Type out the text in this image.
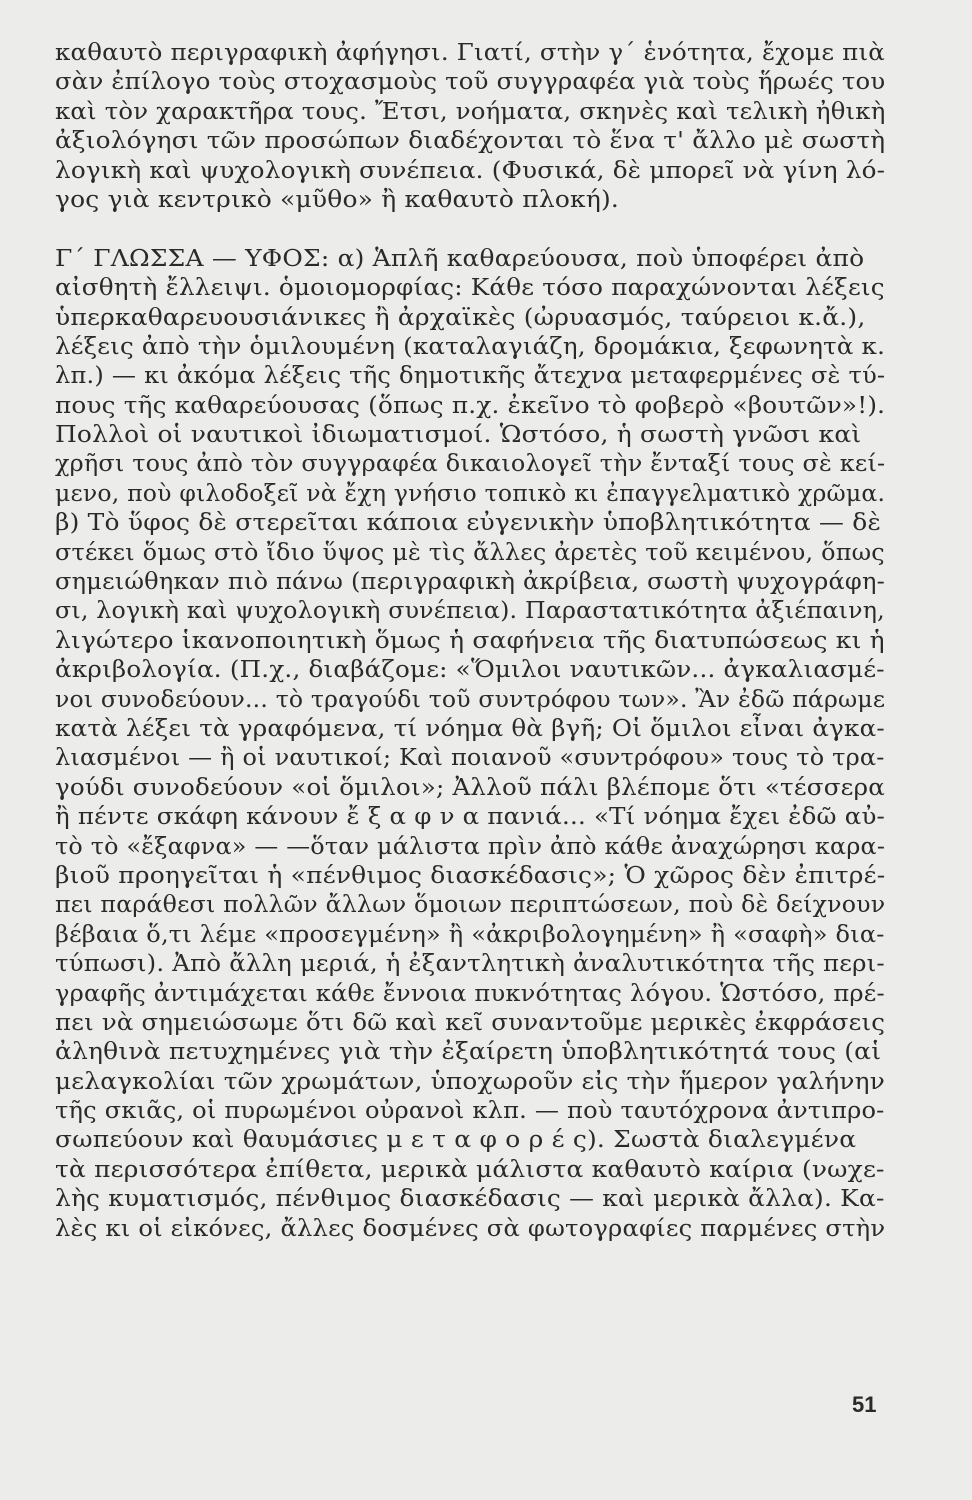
καθαυτὸ περιγραφικὴ ἀφήγησι. Γιατί, στὴν γ΄ ἑνότητα, ἔχομε πιὰ
σὰν ἐπίλογο τοὺς στοχασμοὺς τοῦ συγγραφέα γιὰ τοὺς ἥρωές του
καὶ τὸν χαρακτῆρα τους. Ἔτσι, νοήματα, σκηνὲς καὶ τελικὴ ἠθικὴ
ἀξιολόγησι τῶν προσώπων διαδέχονται τὸ ἕνα τ' ἄλλο μὲ σωστὴ
λογικὴ καὶ ψυχολογικὴ συνέπεια. (Φυσικά, δὲ μπορεῖ νὰ γίνη λό-
γος γιὰ κεντρικὸ «μῦθο» ἢ καθαυτὸ πλοκή).
Γ΄ ΓΛΩΣΣΑ — ΥΦΟΣ: α) Ἁπλῆ καθαρεύουσα, ποὺ ὑποφέρει ἀπὸ
αἰσθητὴ ἔλλειψι. ὁμοιομορφίας: Κάθε τόσο παραχώνονται λέξεις
ὑπερκαθαρευουσιάνικες ἢ ἀρχαϊκὲς (ὠρυασμός, ταύρειοι κ.ἄ.),
λέξεις ἀπὸ τὴν ὁμιλουμένη (καταλαγιάζη, δρομάκια, ξεφωνητὰ κ.
λπ.) — κι ἀκόμα λέξεις τῆς δημοτικῆς ἄτεχνα μεταφερμένες σὲ τύ-
πους τῆς καθαρεύουσας (ὅπως π.χ. ἐκεῖνο τὸ φοβερὸ «βουτῶν»!).
Πολλοὶ οἱ ναυτικοὶ ἰδιωματισμοί. Ὡστόσο, ἡ σωστὴ γνῶσι καὶ
χρῆσι τους ἀπὸ τὸν συγγραφέα δικαιολογεῖ τὴν ἔνταξί τους σὲ κεί-
μενο, ποὺ φιλοδοξεῖ νὰ ἔχη γνήσιο τοπικὸ κι ἐπαγγελματικὸ χρῶμα.
β) Τὸ ὕφος δὲ στερεῖται κάποια εὐγενικὴν ὑποβλητικότητα — δὲ
στέκει ὅμως στὸ ἴδιο ὕψος μὲ τὶς ἄλλες ἀρετὲς τοῦ κειμένου, ὅπως
σημειώθηκαν πιὸ πάνω (περιγραφικὴ ἀκρίβεια, σωστὴ ψυχογράφη-
σι, λογικὴ καὶ ψυχολογικὴ συνέπεια). Παραστατικότητα ἀξιέπαινη,
λιγώτερο ἱκανοποιητικὴ ὅμως ἡ σαφήνεια τῆς διατυπώσεως κι ἡ
ἀκριβολογία. (Π.χ., διαβάζομε: «Ὅμιλοι ναυτικῶν... ἀγκαλιασμέ-
νοι συνοδεύουν... τὸ τραγούδι τοῦ συντρόφου των». Ἂν ἐδῶ πάρωμε
κατὰ λέξει τὰ γραφόμενα, τί νόημα θὰ βγῆ; Οἱ ὅμιλοι εἶναι ἀγκα-
λιασμένοι — ἢ οἱ ναυτικοί; Καὶ ποιανοῦ «συντρόφου» τους τὸ τρα-
γούδι συνοδεύουν «οἱ ὅμιλοι»; Ἀλλοῦ πάλι βλέπομε ὅτι «τέσσερα
ἢ πέντε σκάφη κάνουν ἔ ξ α φ ν α πανιά... «Τί νόημα ἔχει ἐδῶ αὐ-
τὸ τὸ «ἔξαφνα» — —ὅταν μάλιστα πρὶν ἀπὸ κάθε ἀναχώρησι καρα-
βιοῦ προηγεῖται ἡ «πένθιμος διασκέδασις»; Ὁ χῶρος δὲν ἐπιτρέ-
πει παράθεσι πολλῶν ἄλλων ὅμοιων περιπτώσεων, ποὺ δὲ δείχνουν
βέβαια ὅ,τι λέμε «προσεγμένη» ἢ «ἀκριβολογημένη» ἢ «σαφὴ» δια-
τύπωσι). Ἀπὸ ἄλλη μεριά, ἡ ἐξαντλητικὴ ἀναλυτικότητα τῆς περι-
γραφῆς ἀντιμάχεται κάθε ἔννοια πυκνότητας λόγου. Ὡστόσο, πρέ-
πει νὰ σημειώσωμε ὅτι δῶ καὶ κεῖ συναντοῦμε μερικὲς ἐκφράσεις
ἀληθινὰ πετυχημένες γιὰ τὴν ἐξαίρετη ὑποβλητικότητά τους (αἱ
μελαγκολίαι τῶν χρωμάτων, ὑποχωροῦν εἰς τὴν ἥμερον γαλήνην
τῆς σκιᾶς, οἱ πυρωμένοι οὐρανοὶ κλπ. — ποὺ ταυτόχρονα ἀντιπρο-
σωπεύουν καὶ θαυμάσιες μ ε τ α φ ο ρ έ ς). Σωστὰ διαλεγμένα
τὰ περισσότερα ἐπίθετα, μερικὰ μάλιστα καθαυτὸ καίρια (νωχε-
λὴς κυματισμός, πένθιμος διασκέδασις — καὶ μερικὰ ἄλλα). Κα-
λὲς κι οἱ εἰκόνες, ἄλλες δοσμένες σὰ φωτογραφίες παρμένες στὴν
51
